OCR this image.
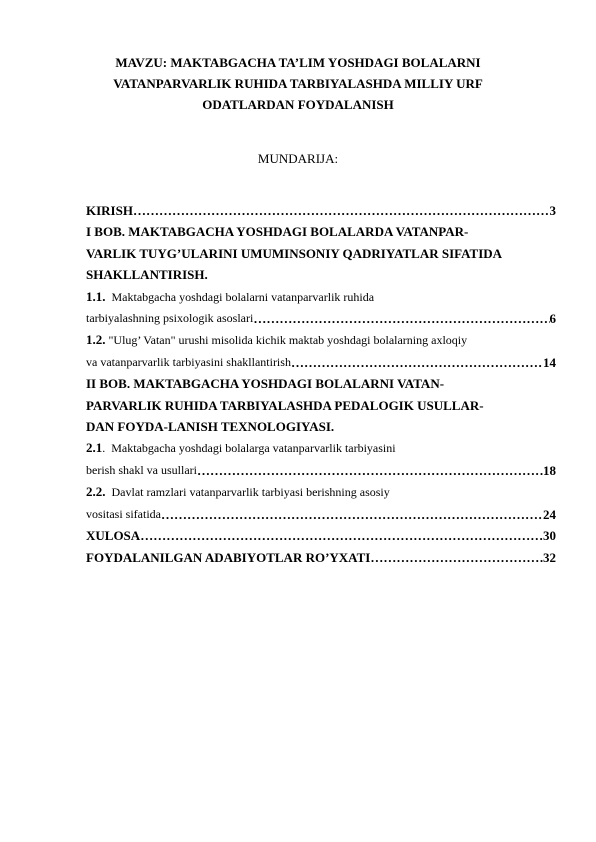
MAVZU: MAKTABGACHA TA’LIM YOSHDAGI BOLALARNI
VATANPARVARLIK RUHIDA TARBIYALASHDA MILLIY URF
ODATLARDAN FOYDALANISH
MUNDARIJA:
KIRISH ………………………………………………………………………………………………………………………………………………	3
I BOB. MAKTABGACHA YOSHDAGI BOLALARDA VATANPAR-
VARLIK TUYG’ULARINI UMUMINSONIY QADRIYATLAR SIFATIDA
SHAKLLANTIRISH.
1.1. Maktabgacha yoshdagi bolalarni vatanparvarlik ruhida
tarbiyalashning psixologik asoslari ………………………………………………………………………………………………………………………………………………	6
1.2. "Ulug’ Vatan" urushi misolida kichik maktab yoshdagi bolalarning axloqiy
va vatanparvarlik tarbiyasini shakllantirish ………………………………………………………………………………………………………………………………………………	14
II BOB. MAKTABGACHA YOSHDAGI BOLALARNI VATAN-
PARVARLIK RUHIDA TARBIYALASHDA PEDALOGIK USULLAR-
DAN FOYDA-LANISH TEXNOLOGIYASI.
2.1.  Maktabgacha yoshdagi bolalarga vatanparvarlik tarbiyasini
berish shakl va usullari ………………………………………………………………………………………………………………………………………………	18
2.2. Davlat ramzlari vatanparvarlik tarbiyasi berishning asosiy
vositasi sifatida ………………………………………………………………………………………………………………………………………………	24
XULOSA ………………………………………………………………………………………………………………………………………………	30
FOYDALANILGAN ADABIYOTLAR RO’YXATI ………………………………………………………………………………………………………………………………………………	32
